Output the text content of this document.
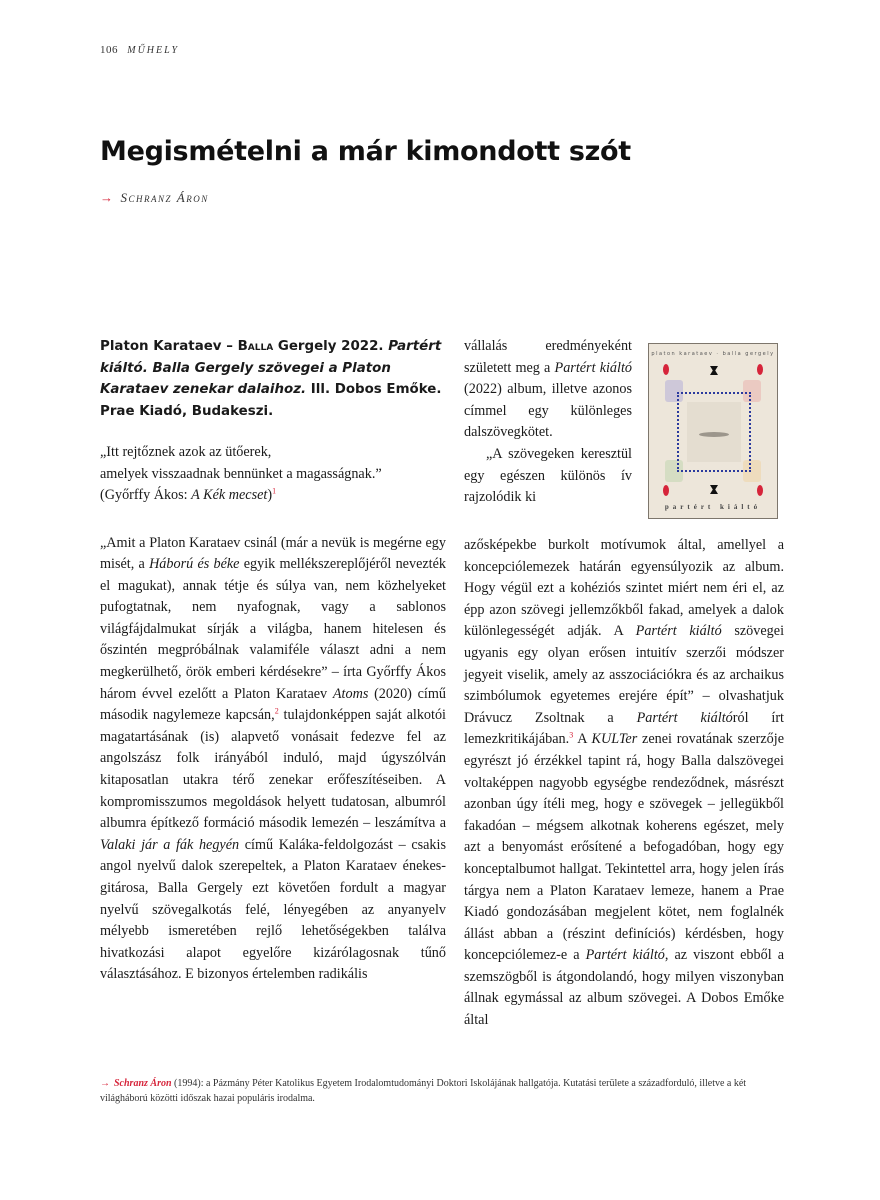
106 MŰHELY
Megismételni a már kimondott szót
→ Schranz Áron

Platon Karataev – Balla Gergely 2022. Partért kiáltó. Balla Gergely szövegei a Platon Karataev zenekar dalaihoz. Ill. Dobos Emőke. Prae Kiadó, Budakeszi.

„Itt rejtőznek azok az ütőerek,
amelyek visszaadnak bennünket a magasságnak.”
(Győrffy Ákos: A Kék mecset)$^1$

„Amit a Platon Karataev csinál (már a nevük is megérne egy misét, a Háború és béke egyik mellékszereplőjéről nevezték el magukat), annak tétje és súlya van, nem közhelyeket pufogtatnak, nem nyafognak, vagy a sablonos világfájdalmukat sírják a világba, hanem hitelesen és őszintén megpróbálnak valamiféle választ adni a nem megkerülhető, örök emberi kérdésekre” – írta Győrffy Ákos három évvel ezelőtt a Platon Karataev Atoms (2020) című második nagylemeze kapcsán,$^2$ tulajdonképpen saját alkotói magatartásának (is) alapvető vonásait fedezve fel az angolszász folk irányából induló, majd úgyszólván kitaposatlan utakra térő zenekar erőfeszítéseiben. A kompromisszumos megoldások helyett tudatosan, albumról albumra építkező formáció második lemezén – leszámítva a Valaki jár a fák hegyén című Kaláka-feldolgozást – csakis angol nyelvű dalok szerepeltek, a Platon Karataev énekes-gitárosa, Balla Gergely ezt követően fordult a magyar nyelvű szövegalkotás felé, lényegében az anyanyelv mélyebb ismeretében rejlő lehetőségekben találva hivatkozási alapot egyelőre kizárólagosnak tűnő választásához. E bizonyos értelemben radikális

vállalás eredményeként született meg a Partért kiáltó (2022) album, illetve azonos címmel egy különleges dalszövegkötet.

„A szövegeken keresztül egy egészen különös ív rajzolódik ki

platon karataev · balla gergely
partért kiáltó

azősképekbe burkolt motívumok által, amellyel a koncepciólemezek határán egyensúlyozik az album. Hogy végül ezt a kohéziós szintet miért nem éri el, az épp azon szövegi jellemzőkből fakad, amelyek a dalok különlegességét adják. A Partért kiáltó szövegei ugyanis egy olyan erősen intuitív szerzői módszer jegyeit viselik, amely az asszociációkra és az archaikus szimbólumok egyetemes erejére épít” – olvashatjuk Drávucz Zsoltnak a Partért kiáltóról írt lemezkritikájában.$^3$ A KULTer zenei rovatának szerzője egyrészt jó érzékkel tapint rá, hogy Balla dalszövegei voltaképpen nagyobb egységbe rendeződnek, másrészt azonban úgy ítéli meg, hogy e szövegek – jellegükből fakadóan – mégsem alkotnak koherens egészet, mely azt a benyomást erősítené a befogadóban, hogy egy konceptalbumot hallgat. Tekintettel arra, hogy jelen írás tárgya nem a Platon Karataev lemeze, hanem a Prae Kiadó gondozásában megjelent kötet, nem foglalnék állást abban a (részint definíciós) kérdésben, hogy koncepciólemez-e a Partért kiáltó, az viszont ebből a szemszögből is átgondolandó, hogy milyen viszonyban állnak egymással az album szövegei. A Dobos Emőke által

→ Schranz Áron (1994): a Pázmány Péter Katolikus Egyetem Irodalomtudományi Doktori Iskolájának hallgatója. Kutatási területe a századforduló, illetve a két világháború közötti időszak hazai populáris irodalma.
